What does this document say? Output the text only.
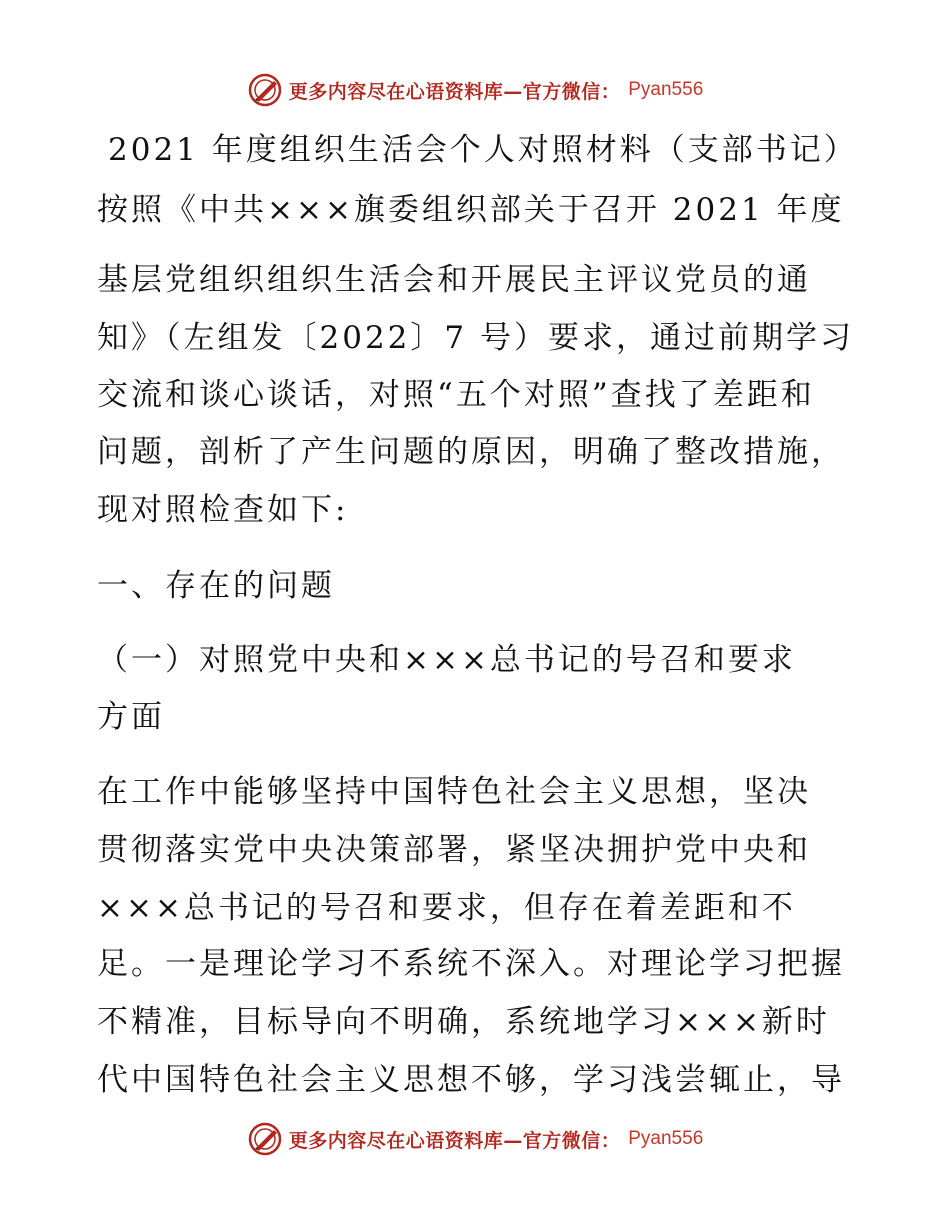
更多内容尽在心语资料库—官方微信： Pyan556
2021 年度组织生活会个人对照材料（支部书记）
按照《中共×××旗委组织部关于召开 2021 年度
基层党组织组织生活会和开展民主评议党员的通
知》（左组发〔2022〕7 号）要求，通过前期学习
交流和谈心谈话，对照“五个对照”查找了差距和
问题，剖析了产生问题的原因，明确了整改措施，
现对照检查如下:
一、存在的问题
（一）对照党中央和×××总书记的号召和要求
方面
在工作中能够坚持中国特色社会主义思想，坚决
贯彻落实党中央决策部署，紧坚决拥护党中央和
×××总书记的号召和要求，但存在着差距和不
足。一是理论学习不系统不深入。对理论学习把握
不精准，目标导向不明确，系统地学习×××新时
代中国特色社会主义思想不够，学习浅尝辄止，导
更多内容尽在心语资料库—官方微信： Pyan556
